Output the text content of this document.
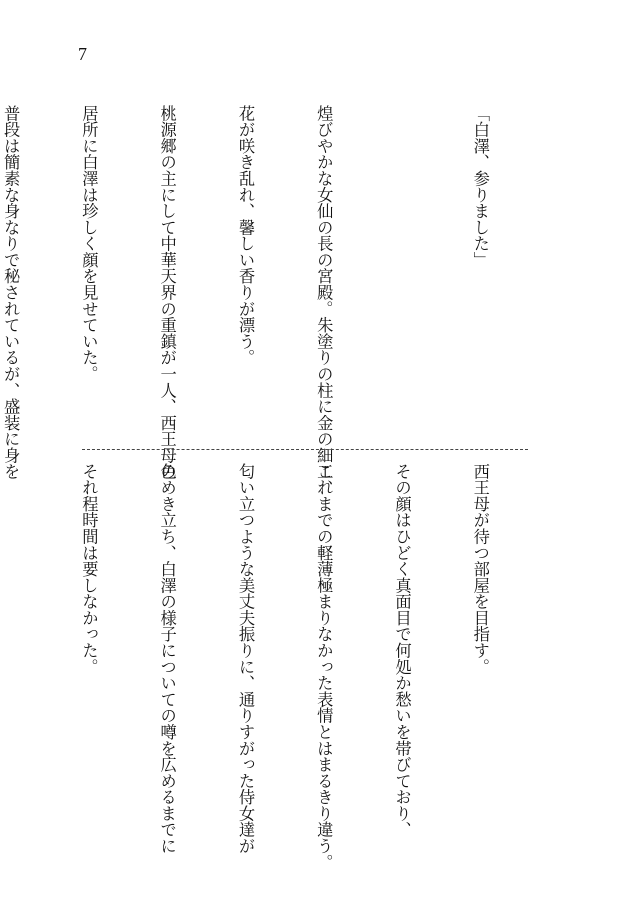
7

「白澤、参りました」

煌びやかな女仙の長の宮殿。朱塗りの柱に金の細工、

花が咲き乱れ、馨しい香りが漂う。

桃源郷の主にして中華天界の重鎮が一人、西王母の

居所に白澤は珍しく顔を見せていた。

普段は簡素な身なりで秘されているが、盛装に身を

西王母が待つ部屋を目指す。

その顔はひどく真面目で何処か愁いを帯びており、

これまでの軽薄極まりなかった表情とはまるきり違う。

匂い立つような美丈夫振りに、通りすがった侍女達が

色めき立ち、白澤の様子についての噂を広めるまでに

それ程時間は要しなかった。
